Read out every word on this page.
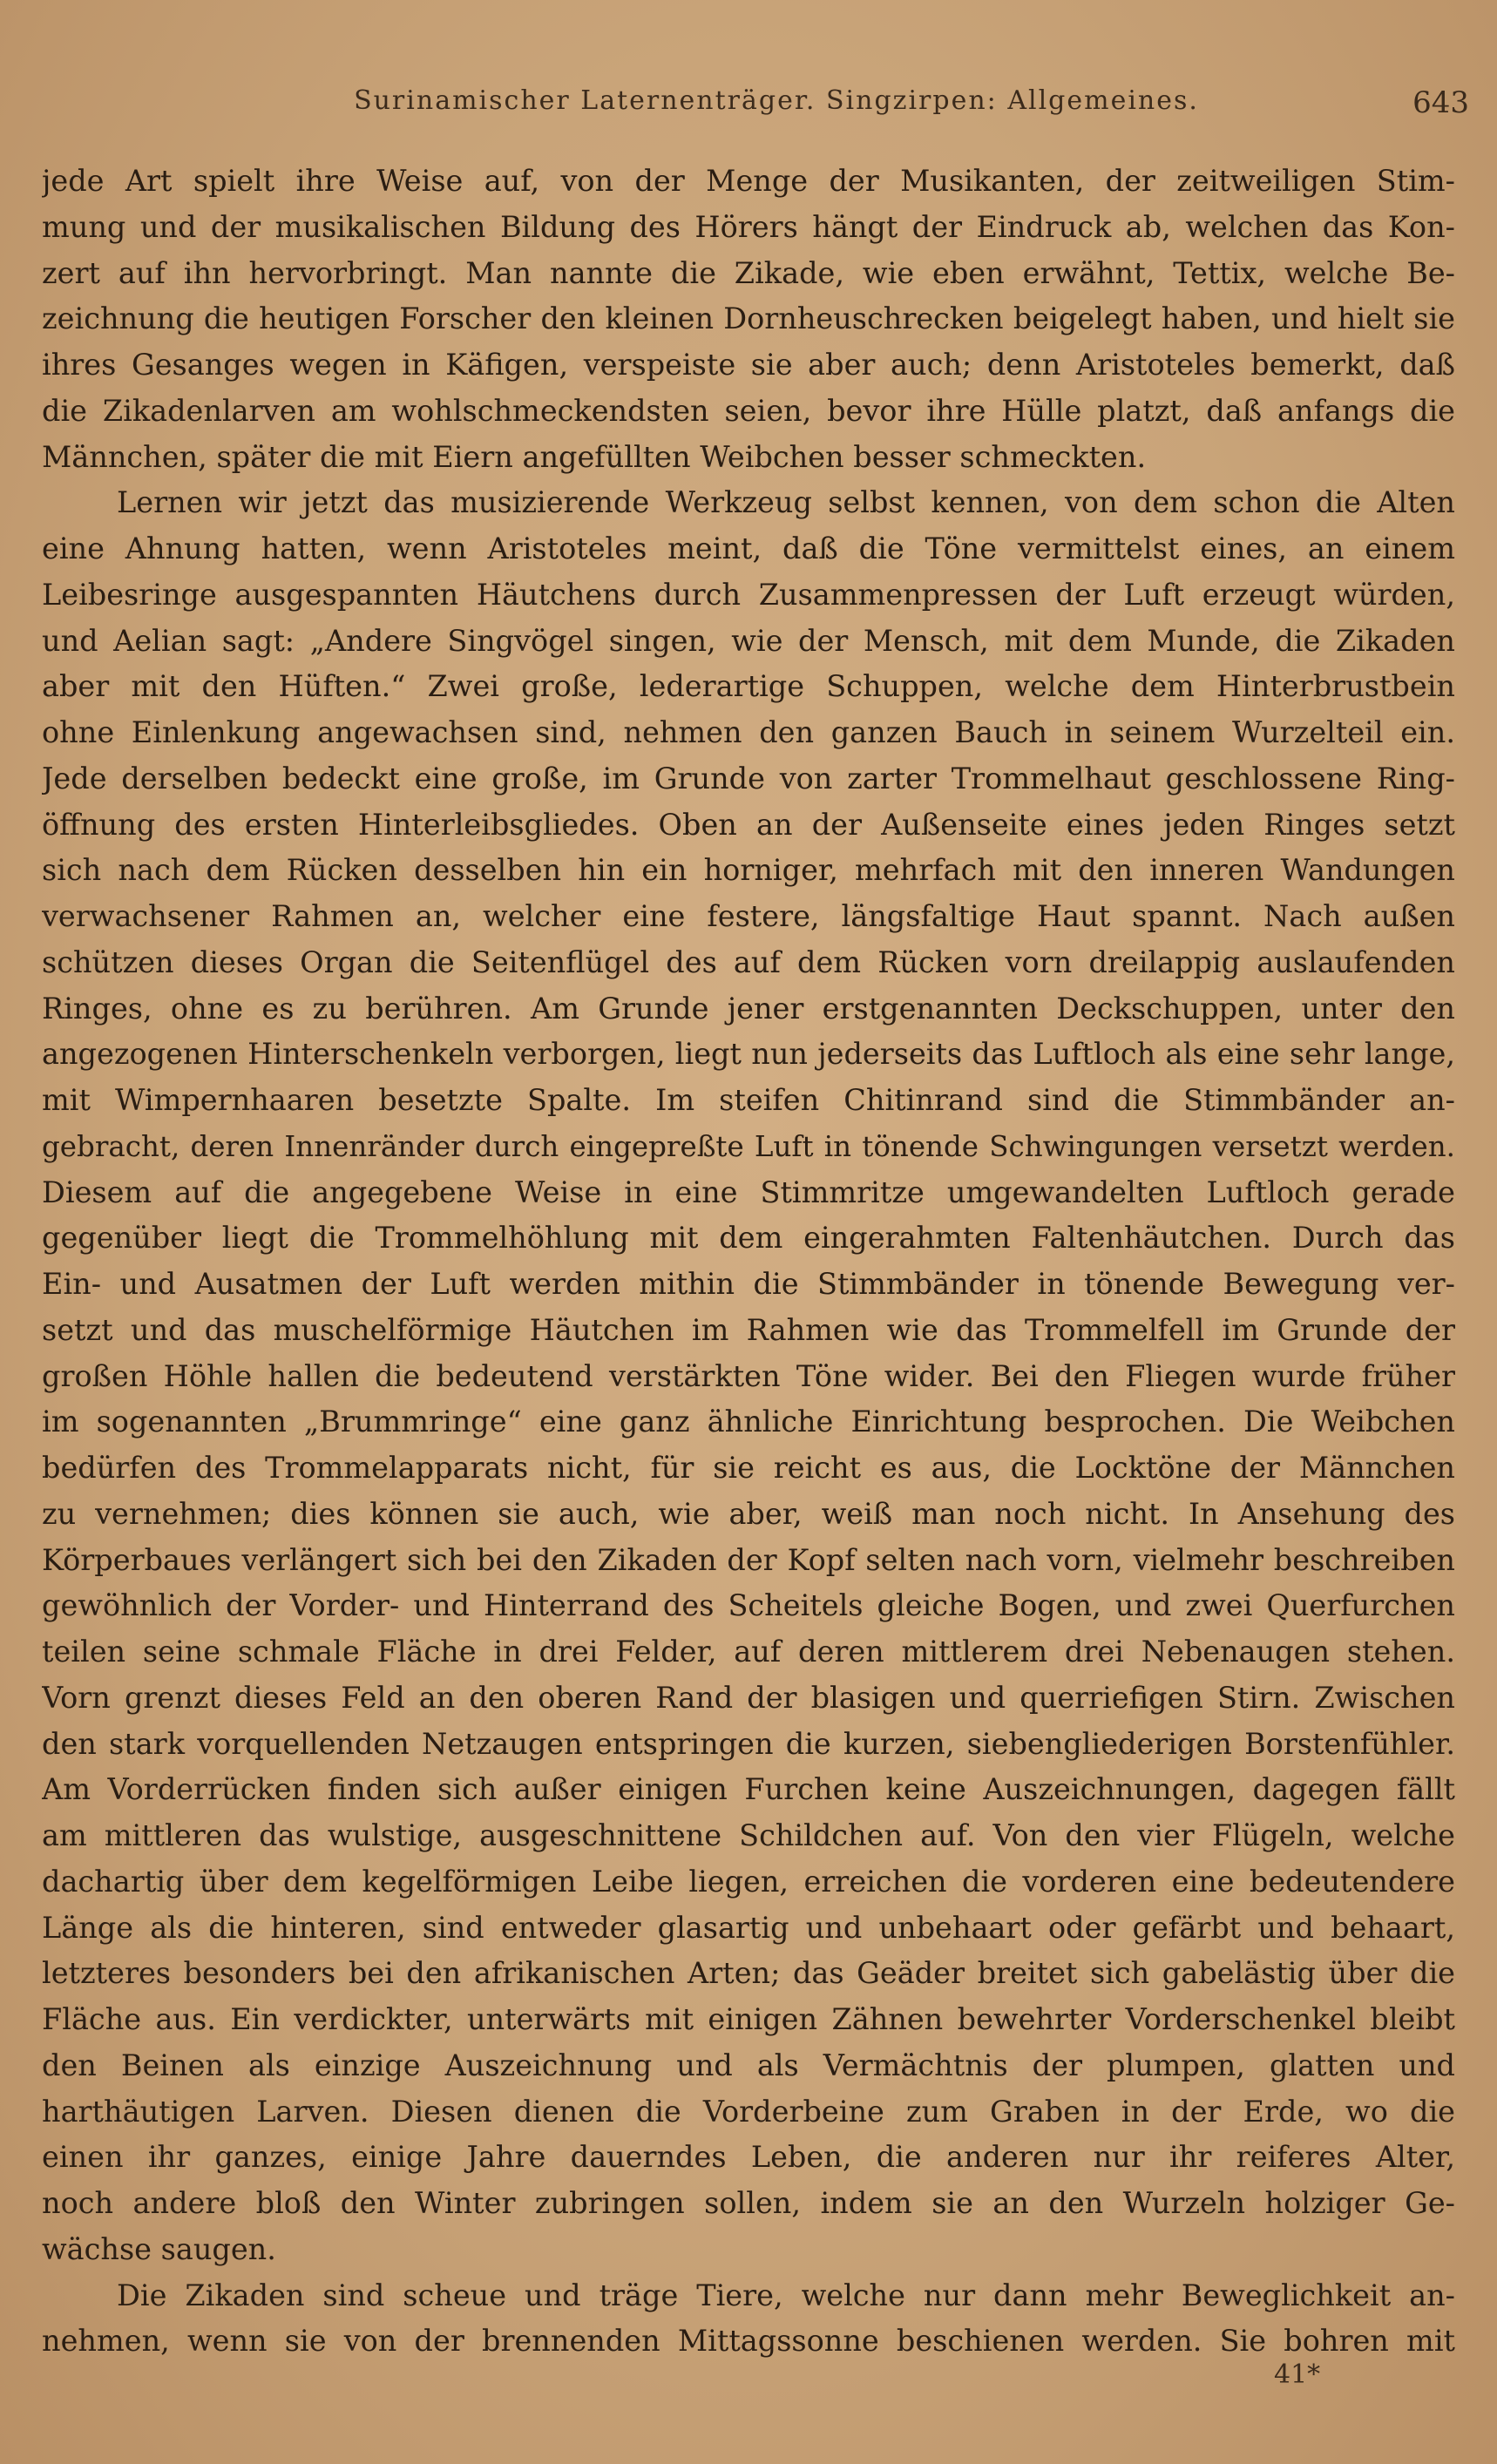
Surinamischer Laternenträger. Singzirpen: Allgemeines.	643
jede Art spielt ihre Weise auf, von der Menge der Musikanten, der zeitweiligen Stim-
mung und der musikalischen Bildung des Hörers hängt der Eindruck ab, welchen das Kon-
zert auf ihn hervorbringt. Man nannte die Zikade, wie eben erwähnt, Tettix, welche Be-
zeichnung die heutigen Forscher den kleinen Dornheuschrecken beigelegt haben, und hielt sie
ihres Gesanges wegen in Käfigen, verspeiste sie aber auch; denn Aristoteles bemerkt, daß
die Zikadenlarven am wohlschmeckendsten seien, bevor ihre Hülle platzt, daß anfangs die
Männchen, später die mit Eiern angefüllten Weibchen besser schmeckten.
Lernen wir jetzt das musizierende Werkzeug selbst kennen, von dem schon die Alten
eine Ahnung hatten, wenn Aristoteles meint, daß die Töne vermittelst eines, an einem
Leibesringe ausgespannten Häutchens durch Zusammenpressen der Luft erzeugt würden,
und Aelian sagt: „Andere Singvögel singen, wie der Mensch, mit dem Munde, die Zikaden
aber mit den Hüften.“ Zwei große, lederartige Schuppen, welche dem Hinterbrustbein
ohne Einlenkung angewachsen sind, nehmen den ganzen Bauch in seinem Wurzelteil ein.
Jede derselben bedeckt eine große, im Grunde von zarter Trommelhaut geschlossene Ring-
öffnung des ersten Hinterleibsgliedes. Oben an der Außenseite eines jeden Ringes setzt
sich nach dem Rücken desselben hin ein horniger, mehrfach mit den inneren Wandungen
verwachsener Rahmen an, welcher eine festere, längsfaltige Haut spannt. Nach außen
schützen dieses Organ die Seitenflügel des auf dem Rücken vorn dreilappig auslaufenden
Ringes, ohne es zu berühren. Am Grunde jener erstgenannten Deckschuppen, unter den
angezogenen Hinterschenkeln verborgen, liegt nun jederseits das Luftloch als eine sehr lange,
mit Wimpernhaaren besetzte Spalte. Im steifen Chitinrand sind die Stimmbänder an-
gebracht, deren Innenränder durch eingepreßte Luft in tönende Schwingungen versetzt werden.
Diesem auf die angegebene Weise in eine Stimmritze umgewandelten Luftloch gerade
gegenüber liegt die Trommelhöhlung mit dem eingerahmten Faltenhäutchen. Durch das
Ein- und Ausatmen der Luft werden mithin die Stimmbänder in tönende Bewegung ver-
setzt und das muschelförmige Häutchen im Rahmen wie das Trommelfell im Grunde der
großen Höhle hallen die bedeutend verstärkten Töne wider. Bei den Fliegen wurde früher
im sogenannten „Brummringe“ eine ganz ähnliche Einrichtung besprochen. Die Weibchen
bedürfen des Trommelapparats nicht, für sie reicht es aus, die Locktöne der Männchen
zu vernehmen; dies können sie auch, wie aber, weiß man noch nicht. In Ansehung des
Körperbaues verlängert sich bei den Zikaden der Kopf selten nach vorn, vielmehr beschreiben
gewöhnlich der Vorder- und Hinterrand des Scheitels gleiche Bogen, und zwei Querfurchen
teilen seine schmale Fläche in drei Felder, auf deren mittlerem drei Nebenaugen stehen.
Vorn grenzt dieses Feld an den oberen Rand der blasigen und querriefigen Stirn. Zwischen
den stark vorquellenden Netzaugen entspringen die kurzen, siebengliederigen Borstenfühler.
Am Vorderrücken finden sich außer einigen Furchen keine Auszeichnungen, dagegen fällt
am mittleren das wulstige, ausgeschnittene Schildchen auf. Von den vier Flügeln, welche
dachartig über dem kegelförmigen Leibe liegen, erreichen die vorderen eine bedeutendere
Länge als die hinteren, sind entweder glasartig und unbehaart oder gefärbt und behaart,
letzteres besonders bei den afrikanischen Arten; das Geäder breitet sich gabelästig über die
Fläche aus. Ein verdickter, unterwärts mit einigen Zähnen bewehrter Vorderschenkel bleibt
den Beinen als einzige Auszeichnung und als Vermächtnis der plumpen, glatten und
harthäutigen Larven. Diesen dienen die Vorderbeine zum Graben in der Erde, wo die
einen ihr ganzes, einige Jahre dauerndes Leben, die anderen nur ihr reiferes Alter,
noch andere bloß den Winter zubringen sollen, indem sie an den Wurzeln holziger Ge-
wächse saugen.
Die Zikaden sind scheue und träge Tiere, welche nur dann mehr Beweglichkeit an-
nehmen, wenn sie von der brennenden Mittagssonne beschienen werden. Sie bohren mit
41*
